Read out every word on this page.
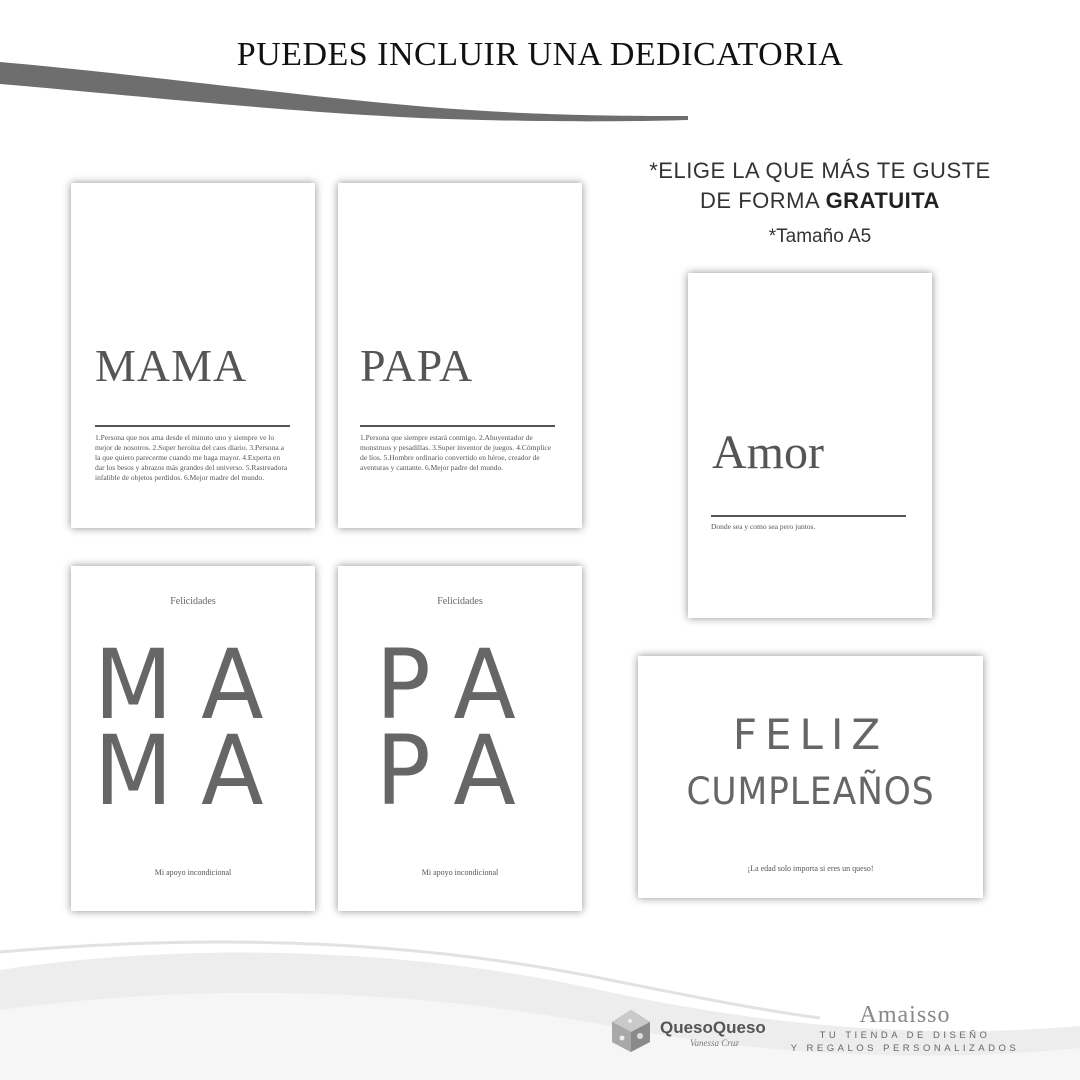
PUEDES INCLUIR UNA DEDICATORIA
*ELIGE LA QUE MÁS TE GUSTE
DE FORMA GRATUITA
*Tamaño A5
MAMA
1.Persona que nos ama desde el minuto uno y siempre ve lo mejor de nosotros. 2.Super heroína del caos diario. 3.Persona a la que quiero parecerme cuando me haga mayor. 4.Experta en dar los besos y abrazos más grandes del universo. 5.Rastreadora infalible de objetos perdidos. 6.Mejor madre del mundo.
PAPA
1.Persona que siempre estará conmigo. 2.Ahuyentador de monstruos y pesadillas. 3.Super inventor de juegos. 4.Cómplice de líos. 5.Hombre ordinario convertido en héroe, creador de aventuras y cantante. 6.Mejor padre del mundo.	Amor
Donde sea y como sea pero juntos.
Felicidades
MA
MA
Mi apoyo incondicional
Felicidades
PA
PA
Mi apoyo incondicional
FELIZ
CUMPLEAÑOS
¡La edad solo importa si eres un queso!
QuesoQueso
Vanessa Cruz
Amaisso
TU TIENDA DE DISEÑO
Y REGALOS PERSONALIZADOS
